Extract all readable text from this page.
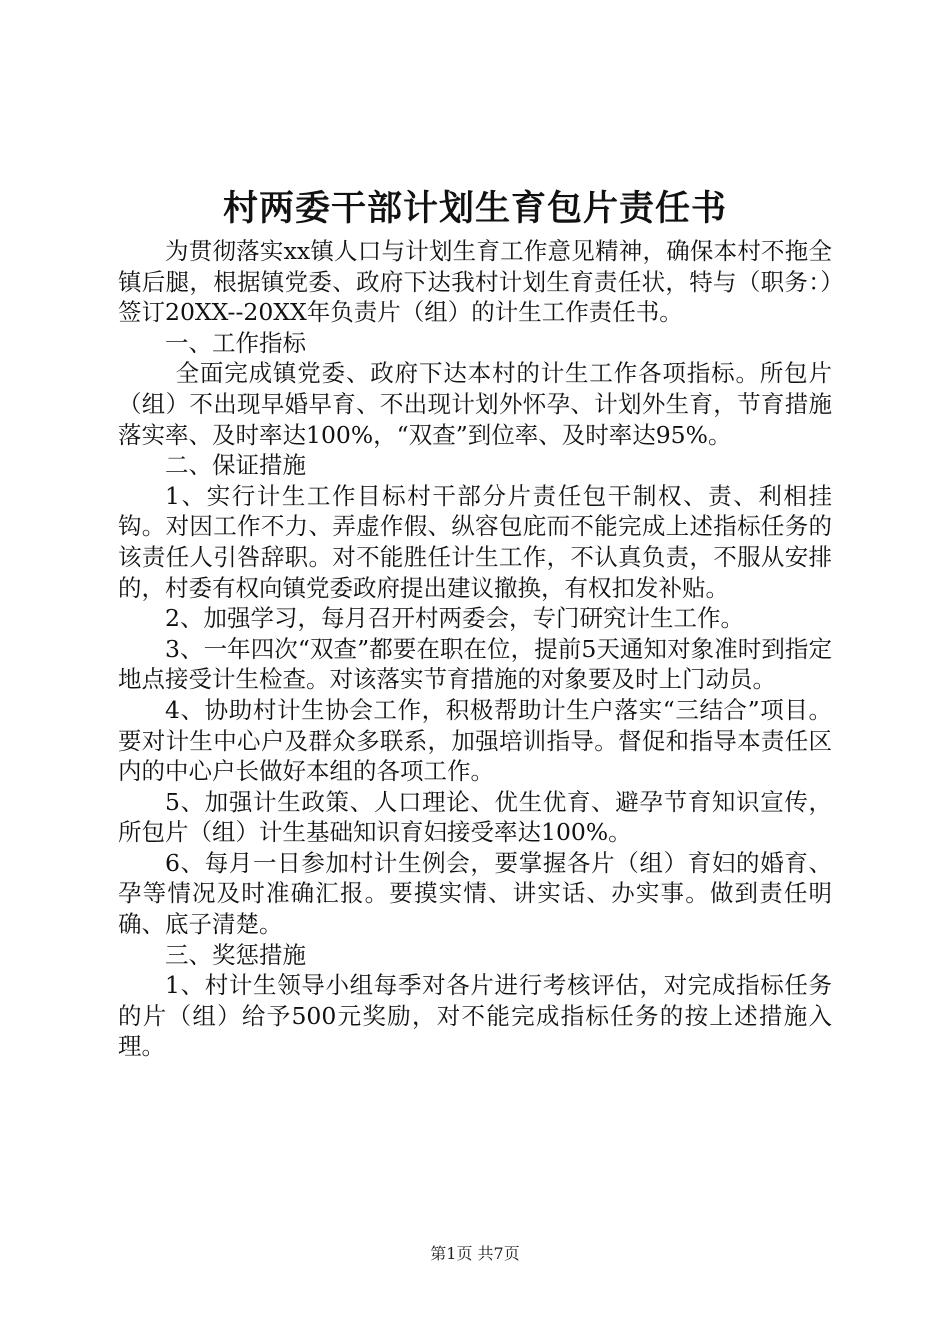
村两委干部计划生育包片责任书

为贯彻落实xx镇人口与计划生育工作意见精神，确保本村不拖全镇后腿，根据镇党委、政府下达我村计划生育责任状，特与（职务：）签订20XX--20XX年负责片（组）的计生工作责任书。

一、工作指标

全面完成镇党委、政府下达本村的计生工作各项指标。所包片（组）不出现早婚早育、不出现计划外怀孕、计划外生育，节育措施落实率、及时率达100%，“双查”到位率、及时率达95%。

二、保证措施

1、实行计生工作目标村干部分片责任包干制权、责、利相挂钩。对因工作不力、弄虚作假、纵容包庇而不能完成上述指标任务的该责任人引咎辞职。对不能胜任计生工作，不认真负责，不服从安排的，村委有权向镇党委政府提出建议撤换，有权扣发补贴。

2、加强学习，每月召开村两委会，专门研究计生工作。

3、一年四次“双查”都要在职在位，提前5天通知对象准时到指定地点接受计生检查。对该落实节育措施的对象要及时上门动员。

4、协助村计生协会工作，积极帮助计生户落实“三结合”项目。要对计生中心户及群众多联系，加强培训指导。督促和指导本责任区内的中心户长做好本组的各项工作。

5、加强计生政策、人口理论、优生优育、避孕节育知识宣传，所包片（组）计生基础知识育妇接受率达100%。

6、每月一日参加村计生例会，要掌握各片（组）育妇的婚育、孕等情况及时准确汇报。要摸实情、讲实话、办实事。做到责任明确、底子清楚。

三、奖惩措施

1、村计生领导小组每季对各片进行考核评估，对完成指标任务的片（组）给予500元奖励，对不能完成指标任务的按上述措施入理。

第1页 共7页
